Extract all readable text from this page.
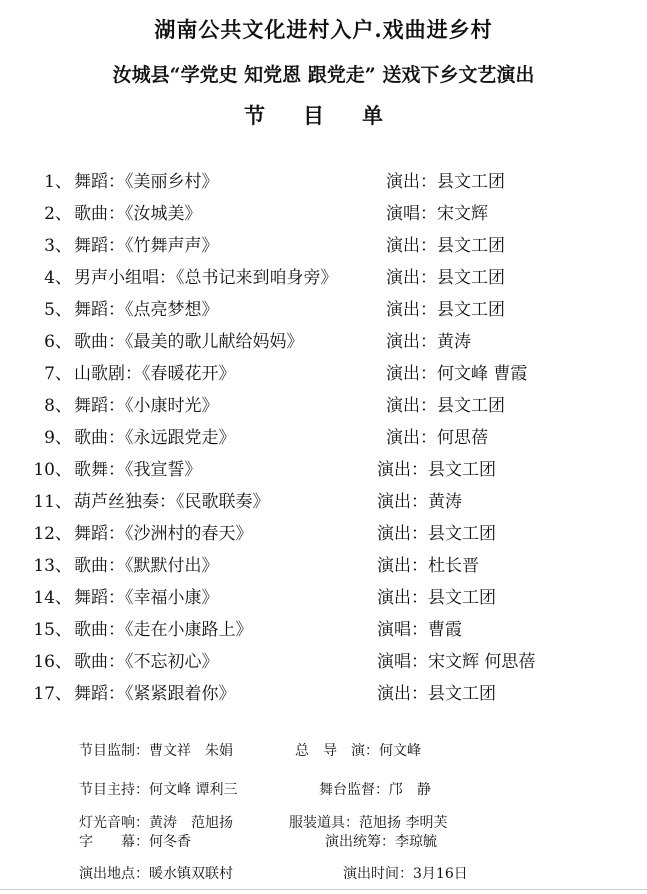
湖南公共文化进村入户.戏曲进乡村
汝城县“学党史 知党恩 跟党走” 送戏下乡文艺演出
节目单
1、 舞蹈：《美丽乡村》	演出：县文工团
2、 歌曲：《汝城美》	演唱：宋文辉
3、 舞蹈：《竹舞声声》	演出：县文工团
4、 男声小组唱：《总书记来到咱身旁》	演出：县文工团
5、 舞蹈：《点亮梦想》	演出：县文工团
6、 歌曲：《最美的歌儿献给妈妈》	演出：黄涛
7、 山歌剧：《春暖花开》	演出：何文峰 曹霞
8、 舞蹈：《小康时光》	演出：县文工团
9、 歌曲：《永远跟党走》	演出：何思蓓
10、 歌舞：《我宣誓》	演出：县文工团
11、 葫芦丝独奏：《民歌联奏》	演出：黄涛
12、 舞蹈：《沙洲村的春天》	演出：县文工团
13、 歌曲：《默默付出》	演出：杜长晋
14、 舞蹈：《幸福小康》	演出：县文工团
15、 歌曲：《走在小康路上》	演唱：曹霞
16、 歌曲：《不忘初心》	演唱：宋文辉 何思蓓
17、 舞蹈：《紧紧跟着你》	演出：县文工团
节目监制：曹文祥　朱娟	总　导　演：何文峰
节目主持：何文峰 谭利三	舞台监督：邝　静
灯光音响：黄涛　范旭扬	服装道具：范旭扬 李明芙
字　　幕：何冬香	演出统筹：李琼毓
演出地点：暖水镇双联村	演出时间：3月16日
